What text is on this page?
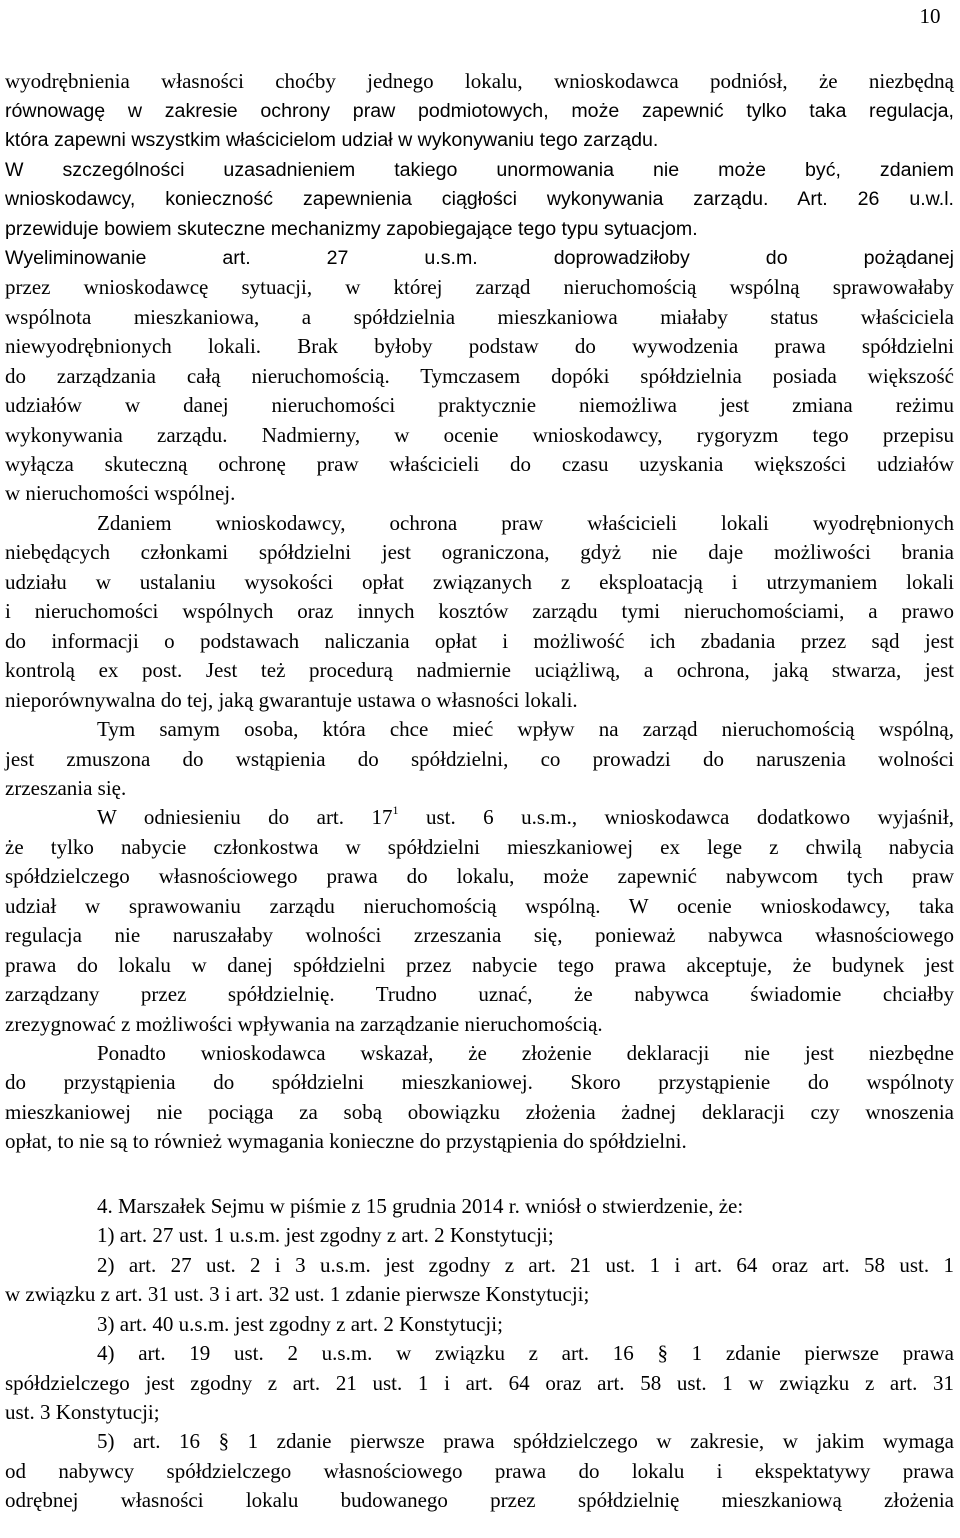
10
wyodrębnienia własności choćby jednego lokalu, wnioskodawca podniósł, że niezbędną
równowagę w zakresie ochrony praw podmiotowych, może zapewnić tylko taka regulacja,
która zapewni wszystkim właścicielom udział w wykonywaniu tego zarządu.
W szczególności uzasadnieniem takiego unormowania nie może być, zdaniem
wnioskodawcy, konieczność zapewnienia ciągłości wykonywania zarządu. Art. 26 u.w.l.
przewiduje bowiem skuteczne mechanizmy zapobiegające tego typu sytuacjom.
Wyeliminowanie art. 27 u.s.m. doprowadziłoby do pożądanej
przez wnioskodawcę sytuacji, w której zarząd nieruchomością wspólną sprawowałaby
wspólnota mieszkaniowa, a spółdzielnia mieszkaniowa miałaby status właściciela
niewyodrębnionych lokali. Brak byłoby podstaw do wywodzenia prawa spółdzielni
do zarządzania całą nieruchomością. Tymczasem dopóki spółdzielnia posiada większość
udziałów w danej nieruchomości praktycznie niemożliwa jest zmiana reżimu
wykonywania zarządu. Nadmierny, w ocenie wnioskodawcy, rygoryzm tego przepisu
wyłącza skuteczną ochronę praw właścicieli do czasu uzyskania większości udziałów
w nieruchomości wspólnej.
Zdaniem wnioskodawcy, ochrona praw właścicieli lokali wyodrębnionych
niebędących członkami spółdzielni jest ograniczona, gdyż nie daje możliwości brania
udziału w ustalaniu wysokości opłat związanych z eksploatacją i utrzymaniem lokali
i nieruchomości wspólnych oraz innych kosztów zarządu tymi nieruchomościami, a prawo
do informacji o podstawach naliczania opłat i możliwość ich zbadania przez sąd jest
kontrolą ex post. Jest też procedurą nadmiernie uciążliwą, a ochrona, jaką stwarza, jest
nieporównywalna do tej, jaką gwarantuje ustawa o własności lokali.
Tym samym osoba, która chce mieć wpływ na zarząd nieruchomością wspólną,
jest zmuszona do wstąpienia do spółdzielni, co prowadzi do naruszenia wolności
zrzeszania się.
W odniesieniu do art. $17^1$ ust. 6 u.s.m., wnioskodawca dodatkowo wyjaśnił,
że tylko nabycie członkostwa w spółdzielni mieszkaniowej ex lege z chwilą nabycia
spółdzielczego własnościowego prawa do lokalu, może zapewnić nabywcom tych praw
udział w sprawowaniu zarządu nieruchomością wspólną. W ocenie wnioskodawcy, taka
regulacja nie naruszałaby wolności zrzeszania się, ponieważ nabywca własnościowego
prawa do lokalu w danej spółdzielni przez nabycie tego prawa akceptuje, że budynek jest
zarządzany przez spółdzielnię. Trudno uznać, że nabywca świadomie chciałby
zrezygnować z możliwości wpływania na zarządzanie nieruchomością.
Ponadto wnioskodawca wskazał, że złożenie deklaracji nie jest niezbędne
do przystąpienia do spółdzielni mieszkaniowej. Skoro przystąpienie do wspólnoty
mieszkaniowej nie pociąga za sobą obowiązku złożenia żadnej deklaracji czy wnoszenia
opłat, to nie są to również wymagania konieczne do przystąpienia do spółdzielni.
4. Marszałek Sejmu w piśmie z 15 grudnia 2014 r. wniósł o stwierdzenie, że:
1) art. 27 ust. 1 u.s.m. jest zgodny z art. 2 Konstytucji;
2) art. 27 ust. 2 i 3 u.s.m. jest zgodny z art. 21 ust. 1 i art. 64 oraz art. 58 ust. 1
w związku z art. 31 ust. 3 i art. 32 ust. 1 zdanie pierwsze Konstytucji;
3) art. 40 u.s.m. jest zgodny z art. 2 Konstytucji;
4) art. 19 ust. 2 u.s.m. w związku z art. 16 § 1 zdanie pierwsze prawa
spółdzielczego jest zgodny z art. 21 ust. 1 i art. 64 oraz art. 58 ust. 1 w związku z art. 31
ust. 3 Konstytucji;
5) art. 16 § 1 zdanie pierwsze prawa spółdzielczego w zakresie, w jakim wymaga
od nabywcy spółdzielczego własnościowego prawa do lokalu i ekspektatywy prawa
odrębnej własności lokalu budowanego przez spółdzielnię mieszkaniową złożenia
